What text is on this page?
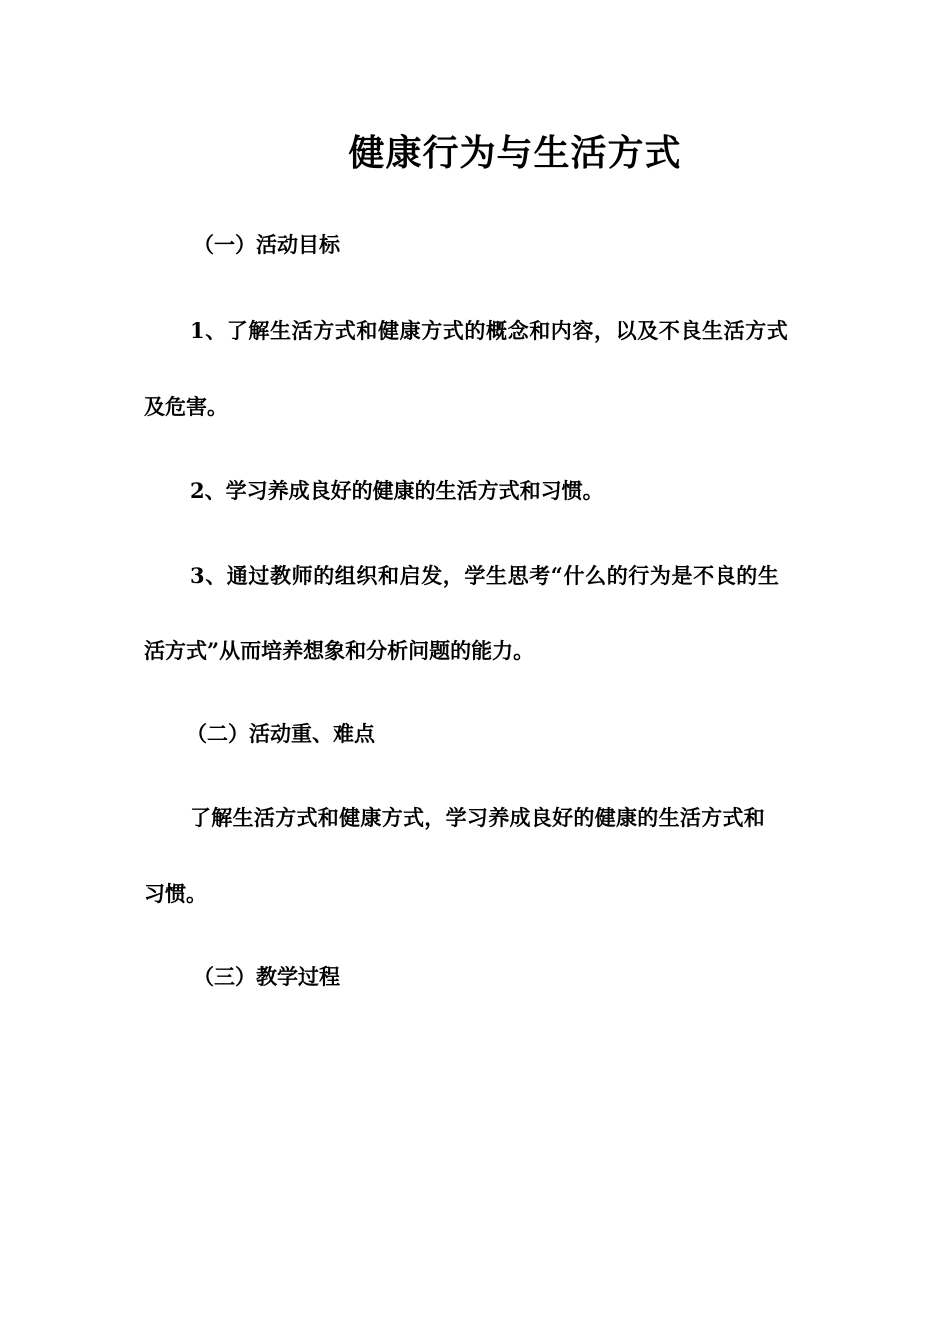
健康行为与生活方式

（一）活动目标

1、了解生活方式和健康方式的概念和内容，以及不良生活方式

及危害。

2、学习养成良好的健康的生活方式和习惯。

3、通过教师的组织和启发，学生思考“什么的行为是不良的生

活方式”从而培养想象和分析问题的能力。

（二）活动重、难点

了解生活方式和健康方式，学习养成良好的健康的生活方式和

习惯。

（三）教学过程
